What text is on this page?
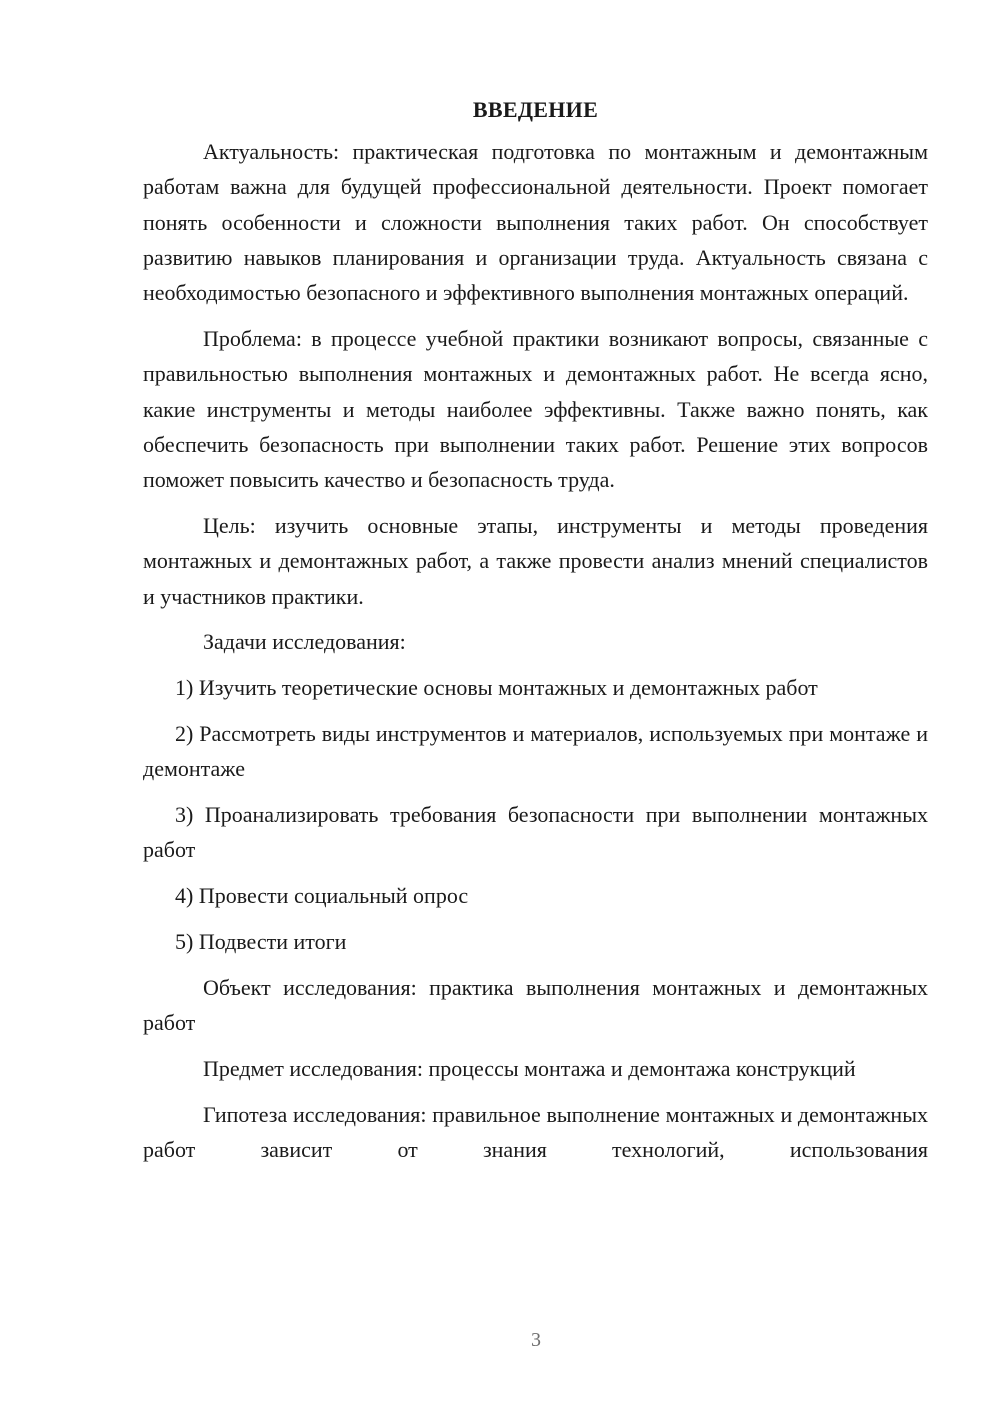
ВВЕДЕНИЕ

Актуальность: практическая подготовка по монтажным и демонтажным работам важна для будущей профессиональной деятельности. Проект помогает понять особенности и сложности выполнения таких работ. Он способствует развитию навыков планирования и организации труда. Актуальность связана с необходимостью безопасного и эффективного выполнения монтажных операций.

Проблема: в процессе учебной практики возникают вопросы, связанные с правильностью выполнения монтажных и демонтажных работ. Не всегда ясно, какие инструменты и методы наиболее эффективны. Также важно понять, как обеспечить безопасность при выполнении таких работ. Решение этих вопросов поможет повысить качество и безопасность труда.

Цель: изучить основные этапы, инструменты и методы проведения монтажных и демонтажных работ, а также провести анализ мнений специалистов и участников практики.

Задачи исследования:

1) Изучить теоретические основы монтажных и демонтажных работ

2) Рассмотреть виды инструментов и материалов, используемых при монтаже и демонтаже

3) Проанализировать требования безопасности при выполнении монтажных работ

4) Провести социальный опрос

5) Подвести итоги

Объект исследования: практика выполнения монтажных и демонтажных работ

Предмет исследования: процессы монтажа и демонтажа конструкций

Гипотеза исследования: правильное выполнение монтажных и демонтажных работ зависит от знания технологий, использования

3
